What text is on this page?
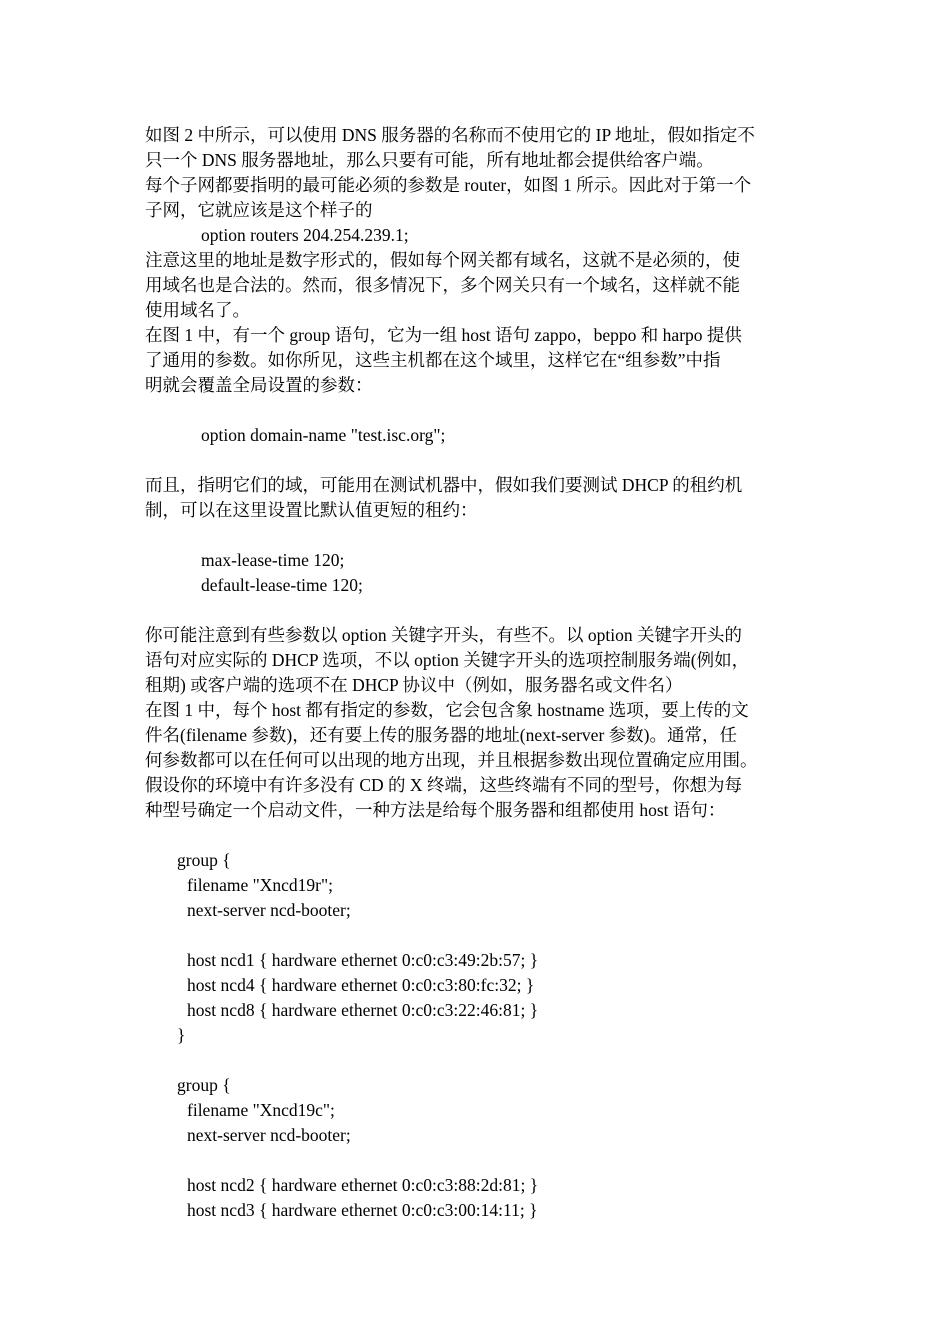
如图 2 中所示，可以使用 DNS 服务器的名称而不使用它的 IP 地址，假如指定不
只一个 DNS 服务器地址，那么只要有可能，所有地址都会提供给客户端。
每个子网都要指明的最可能必须的参数是 router，如图 1 所示。因此对于第一个
子网，它就应该是这个样子的
option routers 204.254.239.1;
注意这里的地址是数字形式的，假如每个网关都有域名，这就不是必须的，使
用域名也是合法的。然而，很多情况下，多个网关只有一个域名，这样就不能
使用域名了。
在图 1 中，有一个 group 语句，它为一组 host 语句 zappo，beppo 和 harpo 提供
了通用的参数。如你所见，这些主机都在这个域里，这样它在“组参数”中指
明就会覆盖全局设置的参数：
option domain-name "test.isc.org";
而且，指明它们的域，可能用在测试机器中，假如我们要测试 DHCP 的租约机
制，可以在这里设置比默认值更短的租约：
max-lease-time 120;
default-lease-time 120;
你可能注意到有些参数以 option 关键字开头，有些不。以 option 关键字开头的
语句对应实际的 DHCP 选项，不以 option 关键字开头的选项控制服务端(例如，
租期) 或客户端的选项不在 DHCP 协议中（例如，服务器名或文件名）
在图 1 中，每个 host 都有指定的参数，它会包含象 hostname 选项，要上传的文
件名(filename 参数)，还有要上传的服务器的地址(next-server 参数)。通常，任
何参数都可以在任何可以出现的地方出现，并且根据参数出现位置确定应用围。
假设你的环境中有许多没有 CD 的 X 终端，这些终端有不同的型号，你想为每
种型号确定一个启动文件，一种方法是给每个服务器和组都使用 host 语句：
group {
filename "Xncd19r";
next-server ncd-booter;
host ncd1 { hardware ethernet 0:c0:c3:49:2b:57; }
host ncd4 { hardware ethernet 0:c0:c3:80:fc:32; }
host ncd8 { hardware ethernet 0:c0:c3:22:46:81; }
}
group {
filename "Xncd19c";
next-server ncd-booter;
host ncd2 { hardware ethernet 0:c0:c3:88:2d:81; }
host ncd3 { hardware ethernet 0:c0:c3:00:14:11; }
